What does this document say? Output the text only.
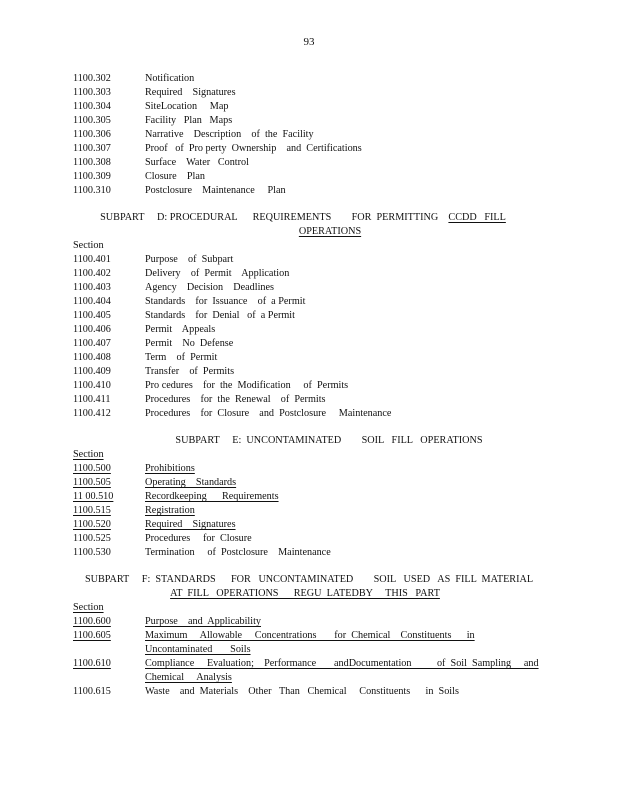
93
1100.302	Notification
1100.303	Required    Signatures
1100.304	SiteLocation     Map
1100.305	Facility   Plan   Maps
1100.306	Narrative    Description    of  the  Facility
1100.307	Proof   of  Pro perty  Ownership    and  Certifications
1100.308	Surface    Water   Control
1100.309	Closure    Plan
1100.310	Postclosure    Maintenance     Plan
SUBPART     D: PROCEDURAL      REQUIREMENTS        FOR  PERMITTING    CCDD   FILL
OPERATIONS
Section
1100.401	Purpose    of  Subpart
1100.402	Delivery    of  Permit    Application
1100.403	Agency    Decision    Deadlines
1100.404	Standards    for  Issuance    of  a Permit
1100.405	Standards    for  Denial   of  a Permit
1100.406	Permit    Appeals
1100.407	Permit    No  Defense
1100.408	Term    of  Permit
1100.409	Transfer    of  Permits
1100.410	Pro cedures    for  the  Modification     of  Permits
1100.411	Procedures    for  the  Renewal    of  Permits
1100.412	Procedures    for  Closure    and  Postclosure     Maintenance
SUBPART     E:  UNCONTAMINATED        SOIL   FILL   OPERATIONS
Section
1100.500	Prohibitions
1100.505	Operating    Standards
11 00.510	Recordkeeping      Requirements
1100.515	Registration
1100.520	Required    Signatures
1100.525	Procedures     for  Closure
1100.530	Termination     of  Postclosure    Maintenance
SUBPART     F:  STANDARDS      FOR   UNCONTAMINATED        SOIL   USED   AS  FILL  MATERIAL
AT  FILL   OPERATIONS      REGU  LATEDBY     THIS   PART
Section
1100.600	Purpose    and  Applicability
1100.605	Maximum     Allowable     Concentrations       for  Chemical    Constituents      in
Uncontaminated       Soils
1100.610	Compliance     Evaluation;    Performance       andDocumentation          of  Soil  Sampling     and
Chemical     Analysis
1100.615	Waste    and  Materials    Other   Than   Chemical     Constituents      in  Soils
